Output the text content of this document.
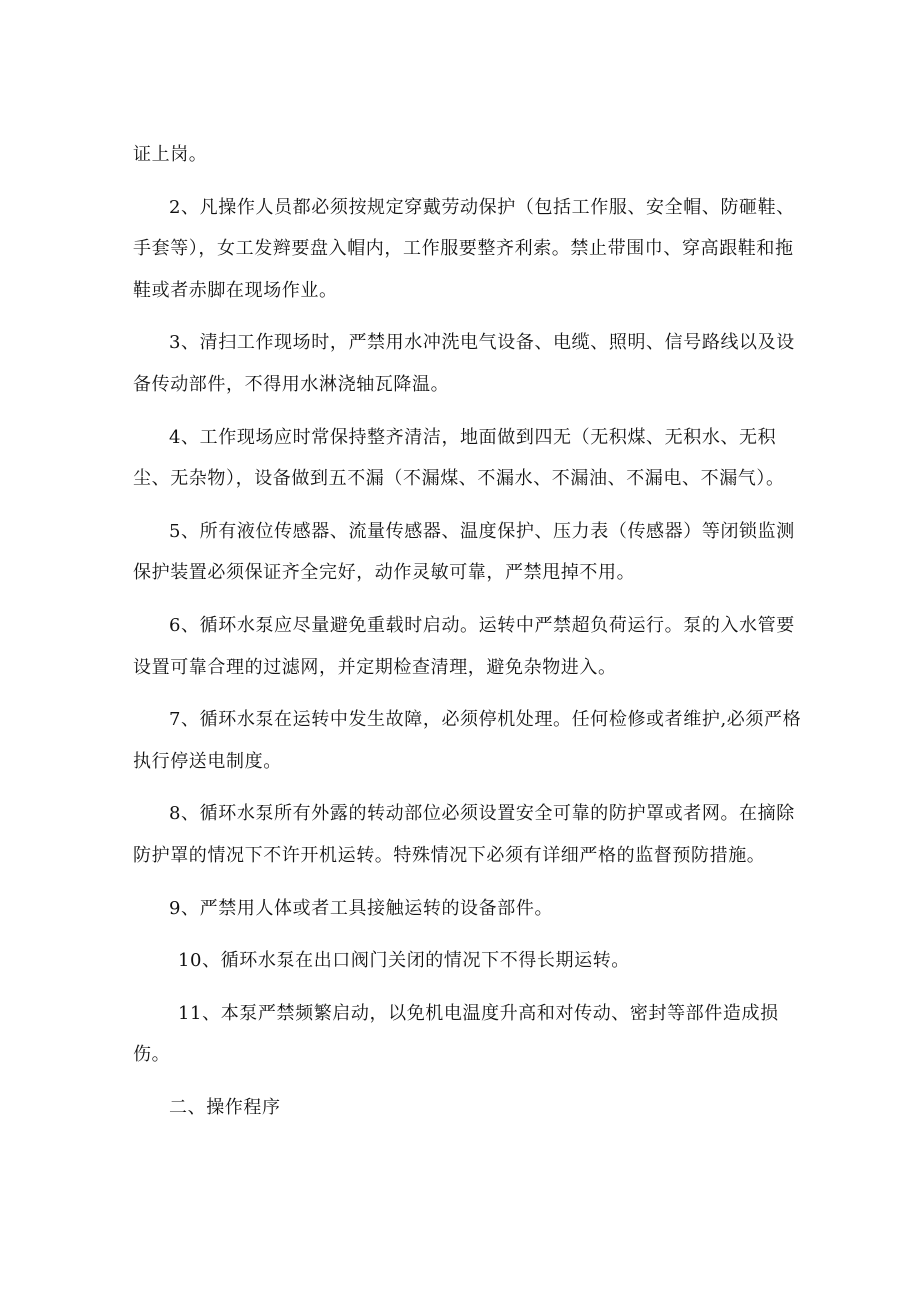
证上岗。

2、凡操作人员都必须按规定穿戴劳动保护（包括工作服、安全帽、防砸鞋、手套等），女工发辫要盘入帽内，工作服要整齐利索。禁止带围巾、穿高跟鞋和拖鞋或者赤脚在现场作业。

3、清扫工作现场时，严禁用水冲洗电气设备、电缆、照明、信号路线以及设备传动部件，不得用水淋浇轴瓦降温。

4、工作现场应时常保持整齐清洁，地面做到四无（无积煤、无积水、无积尘、无杂物），设备做到五不漏（不漏煤、不漏水、不漏油、不漏电、不漏气）。

5、所有液位传感器、流量传感器、温度保护、压力表（传感器）等闭锁监测保护装置必须保证齐全完好，动作灵敏可靠，严禁甩掉不用。

6、循环水泵应尽量避免重载时启动。运转中严禁超负荷运行。泵的入水管要设置可靠合理的过滤网，并定期检查清理，避免杂物进入。

7、循环水泵在运转中发生故障，必须停机处理。任何检修或者维护,必须严格执行停送电制度。

8、循环水泵所有外露的转动部位必须设置安全可靠的防护罩或者网。在摘除防护罩的情况下不许开机运转。特殊情况下必须有详细严格的监督预防措施。

9、严禁用人体或者工具接触运转的设备部件。

10、循环水泵在出口阀门关闭的情况下不得长期运转。

11、本泵严禁频繁启动，以免机电温度升高和对传动、密封等部件造成损伤。

二、操作程序
